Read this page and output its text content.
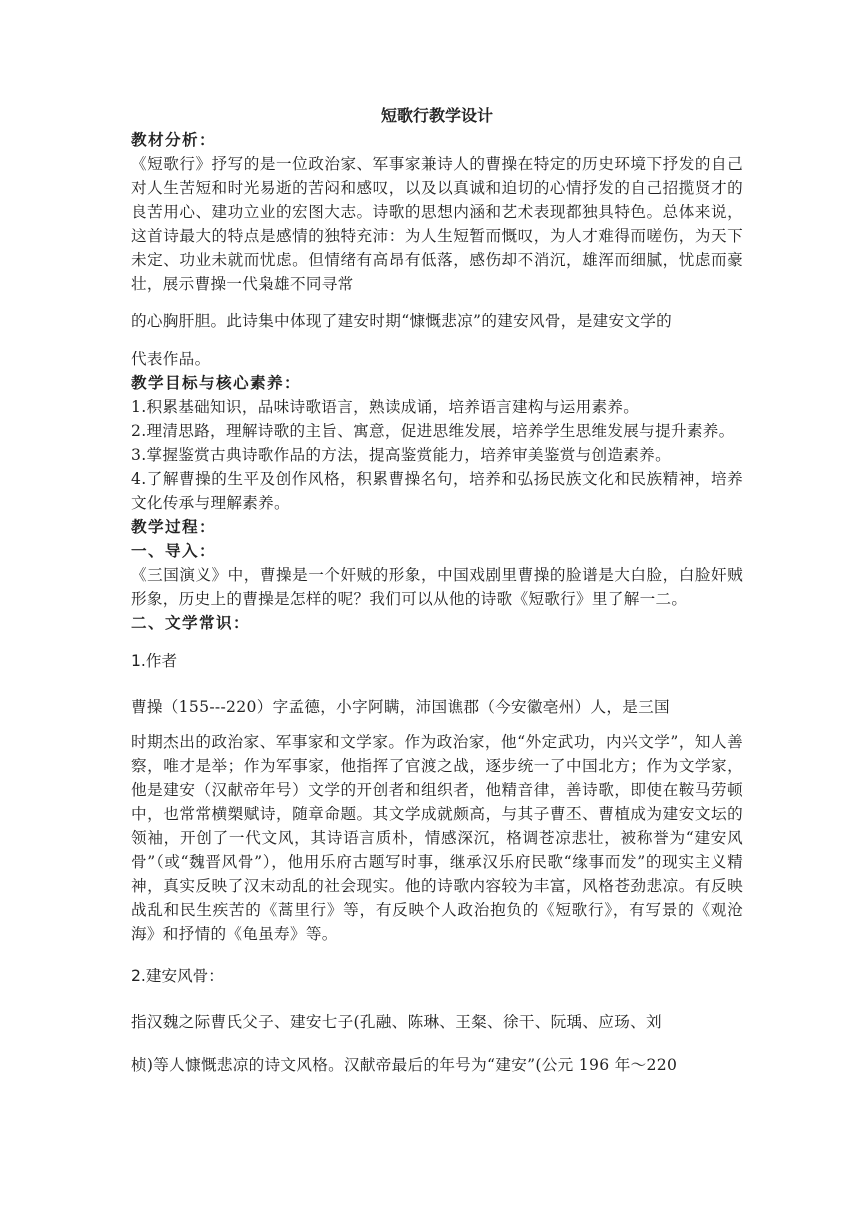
短歌行教学设计
教材分析：
《短歌行》抒写的是一位政治家、军事家兼诗人的曹操在特定的历史环境下抒发的自己对人生苦短和时光易逝的苦闷和感叹，以及以真诚和迫切的心情抒发的自己招揽贤才的良苦用心、建功立业的宏图大志。诗歌的思想内涵和艺术表现都独具特色。总体来说，这首诗最大的特点是感情的独特充沛：为人生短暂而慨叹，为人才难得而嗟伤，为天下未定、功业未就而忧虑。但情绪有高昂有低落，感伤却不消沉，雄浑而细腻，忧虑而豪壮，展示曹操一代枭雄不同寻常
的心胸肝胆。此诗集中体现了建安时期“慷慨悲凉”的建安风骨，是建安文学的
代表作品。
教学目标与核心素养：
1.积累基础知识，品味诗歌语言，熟读成诵，培养语言建构与运用素养。
2.理清思路，理解诗歌的主旨、寓意，促进思维发展，培养学生思维发展与提升素养。
3.掌握鉴赏古典诗歌作品的方法，提高鉴赏能力，培养审美鉴赏与创造素养。
4.了解曹操的生平及创作风格，积累曹操名句，培养和弘扬民族文化和民族精神，培养文化传承与理解素养。
教学过程：
一、导入：
《三国演义》中，曹操是一个奸贼的形象，中国戏剧里曹操的脸谱是大白脸，白脸奸贼形象，历史上的曹操是怎样的呢？我们可以从他的诗歌《短歌行》里了解一二。
二、文学常识：
1.作者
曹操（155---220）字孟德，小字阿瞒，沛国谯郡（今安徽亳州）人，是三国
时期杰出的政治家、军事家和文学家。作为政治家，他“外定武功，内兴文学”，知人善察，唯才是举；作为军事家，他指挥了官渡之战，逐步统一了中国北方；作为文学家，他是建安（汉献帝年号）文学的开创者和组织者，他精音律，善诗歌，即使在鞍马劳顿中，也常常横槊赋诗，随章命题。其文学成就颇高，与其子曹丕、曹植成为建安文坛的领袖，开创了一代文风，其诗语言质朴，情感深沉，格调苍凉悲壮，被称誉为“建安风骨”（或“魏晋风骨”），他用乐府古题写时事，继承汉乐府民歌“缘事而发”的现实主义精神，真实反映了汉末动乱的社会现实。他的诗歌内容较为丰富，风格苍劲悲凉。有反映战乱和民生疾苦的《蒿里行》等，有反映个人政治抱负的《短歌行》，有写景的《观沧海》和抒情的《龟虽寿》等。
2.建安风骨：
指汉魏之际曹氏父子、建安七子(孔融、陈琳、王粲、徐干、阮瑀、应玚、刘
桢)等人慷慨悲凉的诗文风格。汉献帝最后的年号为“建安”(公元 196 年～220
